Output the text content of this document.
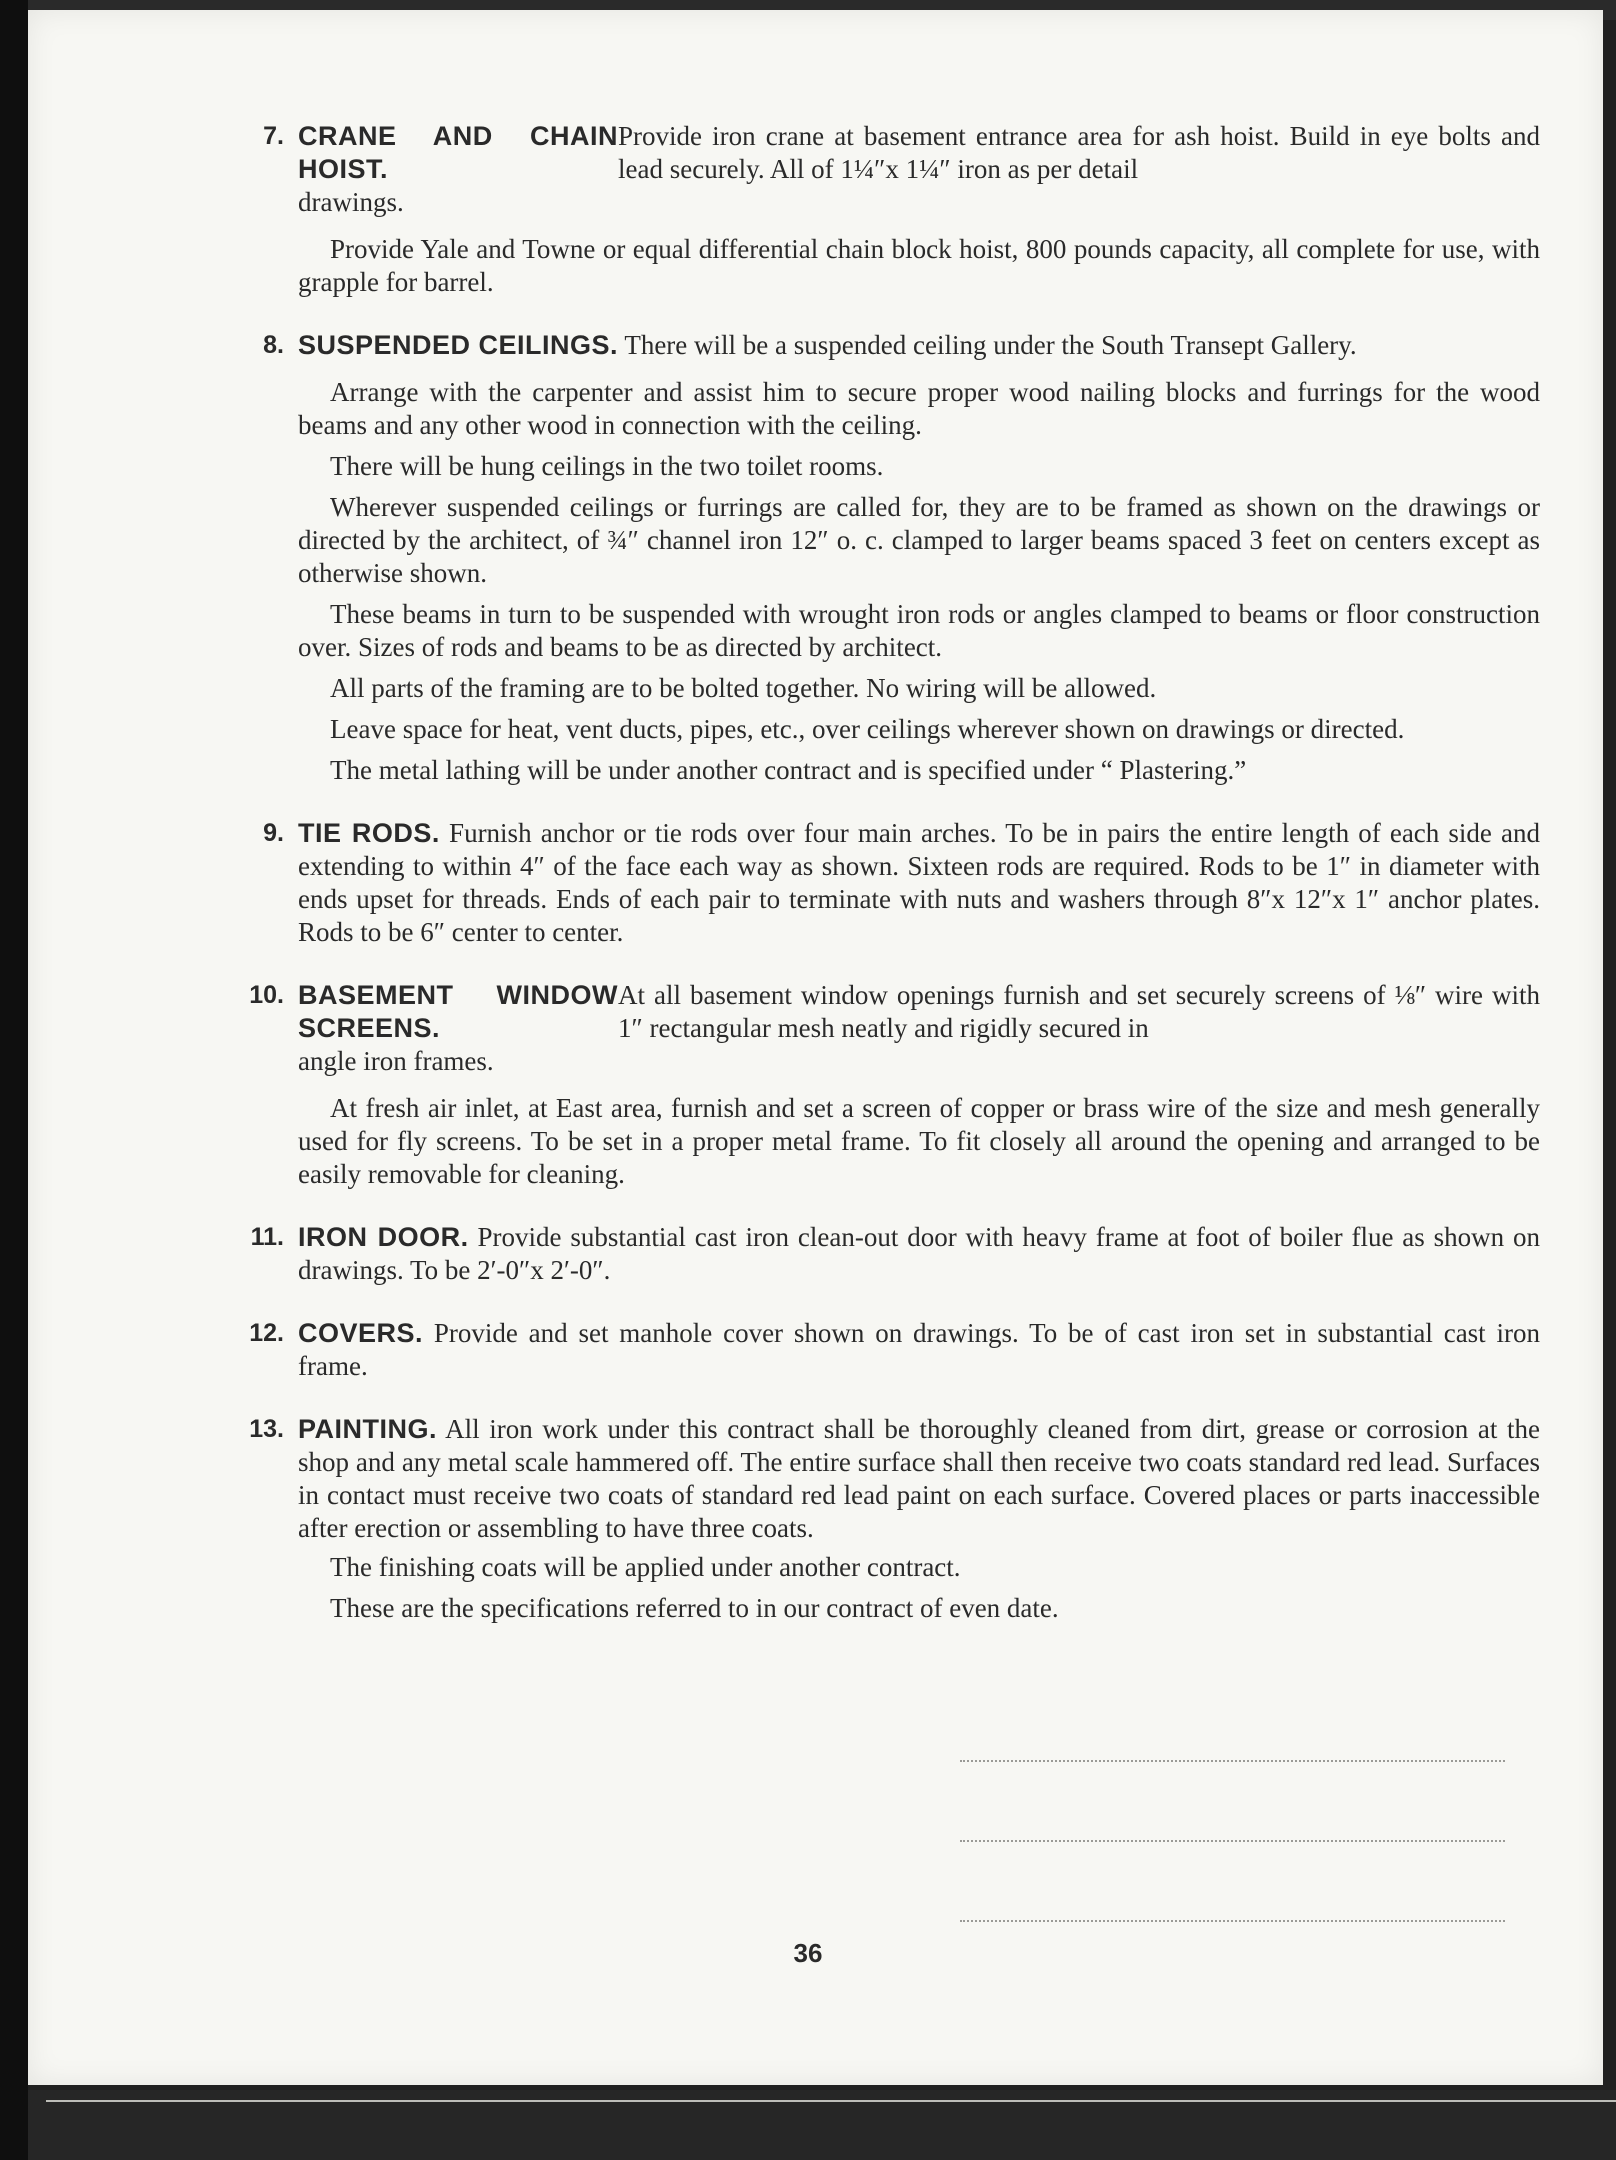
7. CRANE AND CHAIN HOIST.
Provide iron crane at basement entrance area for ash hoist. Build in eye bolts and lead securely. All of 1¼″x 1¼″ iron as per detail
drawings.

Provide Yale and Towne or equal differential chain block hoist, 800 pounds capacity, all complete for use, with grapple for barrel.

8. SUSPENDED CEILINGS. There will be a suspended ceiling under the South Transept Gallery.

Arrange with the carpenter and assist him to secure proper wood nailing blocks and furrings for the wood beams and any other wood in connection with the ceiling.

There will be hung ceilings in the two toilet rooms.

Wherever suspended ceilings or furrings are called for, they are to be framed as shown on the drawings or directed by the architect, of ¾″ channel iron 12″ o. c. clamped to larger beams spaced 3 feet on centers except as otherwise shown.

These beams in turn to be suspended with wrought iron rods or angles clamped to beams or floor construction over. Sizes of rods and beams to be as directed by architect.

All parts of the framing are to be bolted together. No wiring will be allowed.

Leave space for heat, vent ducts, pipes, etc., over ceilings wherever shown on drawings or directed.

The metal lathing will be under another contract and is specified under “ Plastering.”

9. TIE RODS. Furnish anchor or tie rods over four main arches. To be in pairs the entire length of each side and extending to within 4″ of the face each way as shown. Sixteen rods are required. Rods to be 1″ in diameter with ends upset for threads. Ends of each pair to terminate with nuts and washers through 8″x 12″x 1″ anchor plates. Rods to be 6″ center to center.
10. BASEMENT WINDOW SCREENS.
At all basement window openings furnish and set securely screens of ⅛″ wire with 1″ rectangular mesh neatly and rigidly secured in
angle iron frames.

At fresh air inlet, at East area, furnish and set a screen of copper or brass wire of the size and mesh generally used for fly screens. To be set in a proper metal frame. To fit closely all around the opening and arranged to be easily removable for cleaning.

11. IRON DOOR. Provide substantial cast iron clean-out door with heavy frame at foot of boiler flue as shown on drawings. To be 2′-0″x 2′-0″.
12. COVERS. Provide and set manhole cover shown on drawings. To be of cast iron set in substantial cast iron frame.
13. PAINTING. All iron work under this contract shall be thoroughly cleaned from dirt, grease or corrosion at the shop and any metal scale hammered off. The entire surface shall then receive two coats standard red lead. Surfaces in contact must receive two coats of standard red lead paint on each surface. Covered places or parts inaccessible after erection or assembling to have three coats.

The finishing coats will be applied under another contract.

These are the specifications referred to in our contract of even date.

36
